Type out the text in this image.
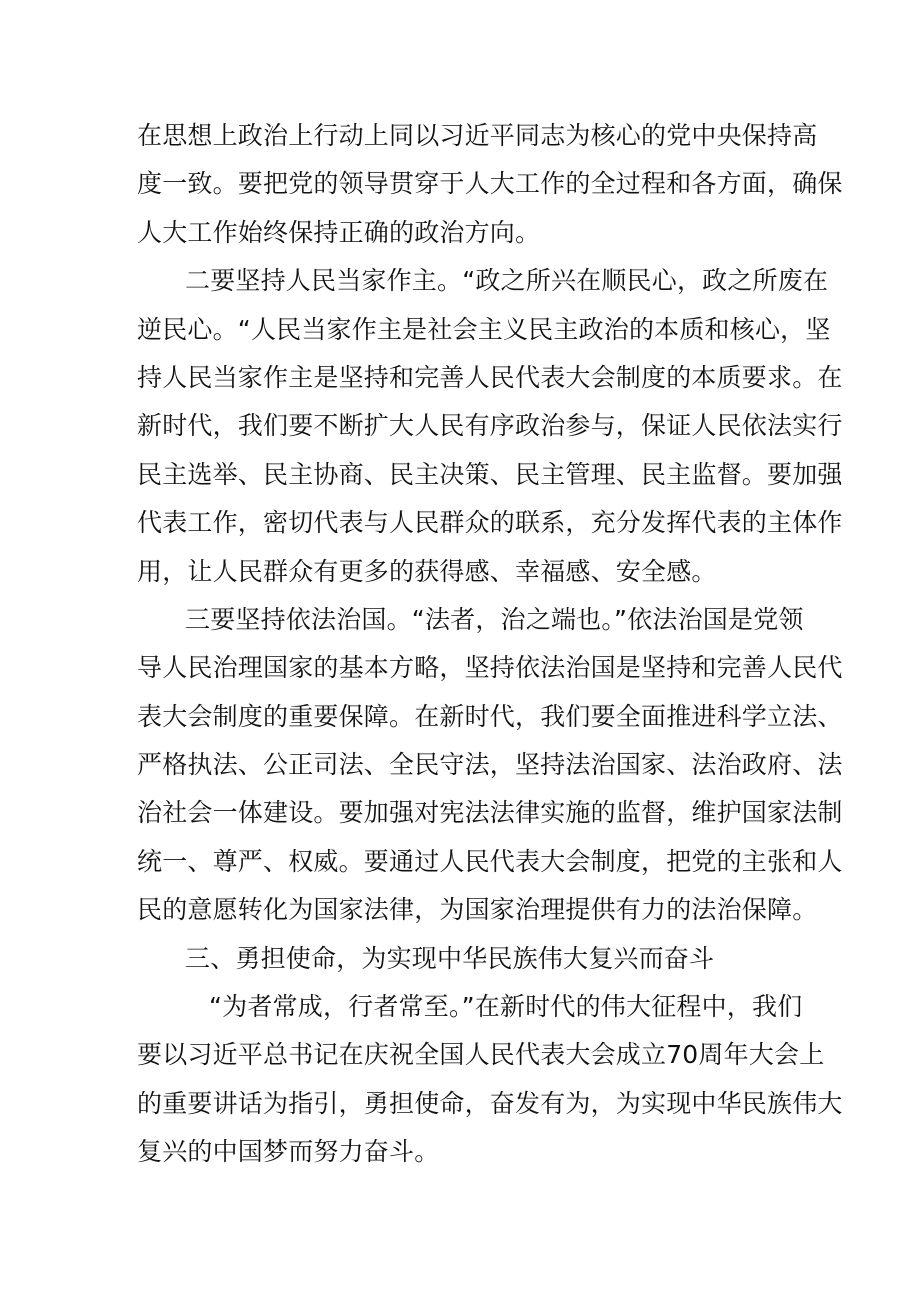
在思想上政治上行动上同以习近平同志为核心的党中央保持高
度一致。要把党的领导贯穿于人大工作的全过程和各方面，确保
人大工作始终保持正确的政治方向。
二要坚持人民当家作主。“政之所兴在顺民心，政之所废在
逆民心。“人民当家作主是社会主义民主政治的本质和核心，坚
持人民当家作主是坚持和完善人民代表大会制度的本质要求。在
新时代，我们要不断扩大人民有序政治参与，保证人民依法实行
民主选举、民主协商、民主决策、民主管理、民主监督。要加强
代表工作，密切代表与人民群众的联系，充分发挥代表的主体作
用，让人民群众有更多的获得感、幸福感、安全感。
三要坚持依法治国。“法者，治之端也。”依法治国是党领
导人民治理国家的基本方略，坚持依法治国是坚持和完善人民代
表大会制度的重要保障。在新时代，我们要全面推进科学立法、
严格执法、公正司法、全民守法，坚持法治国家、法治政府、法
治社会一体建设。要加强对宪法法律实施的监督，维护国家法制
统一、尊严、权威。要通过人民代表大会制度，把党的主张和人
民的意愿转化为国家法律，为国家治理提供有力的法治保障。
三、勇担使命，为实现中华民族伟大复兴而奋斗
“为者常成，行者常至。”在新时代的伟大征程中，我们
要以习近平总书记在庆祝全国人民代表大会成立70周年大会上
的重要讲话为指引，勇担使命，奋发有为，为实现中华民族伟大
复兴的中国梦而努力奋斗。
